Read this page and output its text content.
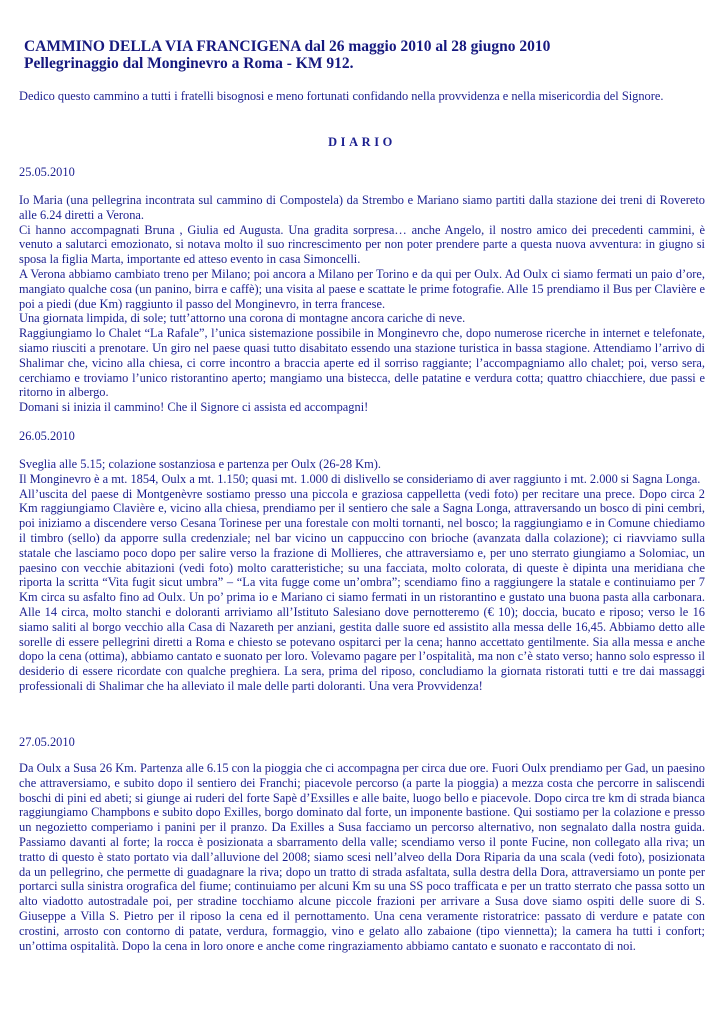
CAMMINO DELLA VIA FRANCIGENA dal 26 maggio 2010 al 28 giugno 2010
Pellegrinaggio dal Monginevro a Roma - KM 912.
Dedico questo cammino a tutti i fratelli bisognosi e meno fortunati confidando nella provvidenza e nella misericordia del Signore.
DIARIO
25.05.2010

Io Maria (una pellegrina incontrata sul cammino di Compostela) da Strembo e Mariano siamo partiti dalla stazione dei treni di Rovereto alle 6.24 diretti a Verona.

Ci hanno accompagnati Bruna , Giulia ed Augusta. Una gradita sorpresa… anche Angelo, il nostro amico dei precedenti cammini, è venuto a salutarci emozionato, si notava molto il suo rincrescimento per non poter prendere parte a questa nuova avventura: in giugno si sposa la figlia Marta, importante ed atteso evento in casa Simoncelli.

A Verona abbiamo cambiato treno per Milano; poi ancora a Milano per Torino e da qui per Oulx. Ad Oulx ci siamo fermati un paio d’ore, mangiato qualche cosa (un panino, birra e caffè); una visita al paese e scattate le prime fotografie. Alle 15 prendiamo il Bus per Clavière e poi a piedi (due Km) raggiunto il passo del Monginevro, in terra francese.

Una giornata limpida, di sole; tutt’attorno una corona di montagne ancora cariche di neve.

Raggiungiamo lo Chalet “La Rafale”, l’unica sistemazione possibile in Monginevro che, dopo numerose ricerche in internet e telefonate, siamo riusciti a prenotare. Un giro nel paese quasi tutto disabitato essendo una stazione turistica in bassa stagione. Attendiamo l’arrivo di Shalimar che, vicino alla chiesa, ci corre incontro a braccia aperte ed il sorriso raggiante; l’accompagniamo allo chalet; poi, verso sera, cerchiamo e troviamo l’unico ristorantino aperto; mangiamo una bistecca, delle patatine e verdura cotta; quattro chiacchiere, due passi e ritorno in albergo.

Domani si inizia il cammino! Che il Signore ci assista ed accompagni!

26.05.2010

Sveglia alle 5.15; colazione sostanziosa e partenza per Oulx (26-28 Km).

Il Monginevro è a mt. 1854, Oulx a mt. 1.150; quasi mt. 1.000 di dislivello se consideriamo di aver raggiunto i mt. 2.000 si Sagna Longa.

All’uscita del paese di Montgenèvre sostiamo presso una piccola e graziosa cappelletta (vedi foto) per recitare una prece. Dopo circa 2 Km raggiungiamo Clavière e, vicino alla chiesa, prendiamo per il sentiero che sale a Sagna Longa, attraversando un bosco di pini cembri, poi iniziamo a discendere verso Cesana Torinese per una forestale con molti tornanti, nel bosco; la raggiungiamo e in Comune chiediamo il timbro (sello) da apporre sulla credenziale; nel bar vicino un cappuccino con brioche (avanzata dalla colazione); ci riavviamo sulla statale che lasciamo poco dopo per salire verso la frazione di Mollieres, che attraversiamo e, per uno sterrato giungiamo a Solomiac, un paesino con vecchie abitazioni (vedi foto) molto caratteristiche; su una facciata, molto colorata, di queste è dipinta una meridiana che riporta la scritta “Vita fugit sicut umbra” – “La vita fugge come un’ombra”; scendiamo fino a raggiungere la statale e continuiamo per 7 Km circa su asfalto fino ad Oulx. Un po’ prima io e Mariano ci siamo fermati in un ristorantino e gustato una buona pasta alla carbonara. Alle 14 circa, molto stanchi e doloranti arriviamo all’Istituto Salesiano dove pernotteremo (€ 10); doccia, bucato e riposo; verso le 16 siamo saliti al borgo vecchio alla Casa di Nazareth per anziani, gestita dalle suore ed assistito alla messa delle 16,45. Abbiamo detto alle sorelle di essere pellegrini diretti a Roma e chiesto se potevano ospitarci per la cena; hanno accettato gentilmente. Sia alla messa e anche dopo la cena (ottima), abbiamo cantato e suonato per loro. Volevamo pagare per l’ospitalità, ma non c’è stato verso; hanno solo espresso il desiderio di essere ricordate con qualche preghiera. La sera, prima del riposo, concludiamo la giornata ristorati tutti e tre dai massaggi professionali di Shalimar che ha alleviato il male delle parti doloranti. Una vera Provvidenza!

27.05.2010

Da Oulx a Susa 26 Km. Partenza alle 6.15 con la pioggia che ci accompagna per circa due ore. Fuori Oulx prendiamo per Gad, un paesino che attraversiamo, e subito dopo il sentiero dei Franchi; piacevole percorso (a parte la pioggia) a mezza costa che percorre in saliscendi boschi di pini ed abeti; si giunge ai ruderi del forte Sapè d’Exsilles e alle baite, luogo bello e piacevole. Dopo circa tre km di strada bianca raggiungiamo Champbons e subito dopo Exilles, borgo dominato dal forte, un imponente bastione. Qui sostiamo per la colazione e presso un negozietto comperiamo i panini per il pranzo. Da Exilles a Susa facciamo un percorso alternativo, non segnalato dalla nostra guida. Passiamo davanti al forte; la rocca è posizionata a sbarramento della valle; scendiamo verso il ponte Fucine, non collegato alla riva; un tratto di questo è stato portato via dall’alluvione del 2008; siamo scesi nell’alveo della Dora Riparia da una scala (vedi foto), posizionata da un pellegrino, che permette di guadagnare la riva; dopo un tratto di strada asfaltata, sulla destra della Dora, attraversiamo un ponte per portarci sulla sinistra orografica del fiume; continuiamo per alcuni Km su una SS poco trafficata e per un tratto sterrato che passa sotto un alto viadotto autostradale poi, per stradine tocchiamo alcune piccole frazioni per arrivare a Susa dove siamo ospiti delle suore di S. Giuseppe a Villa S. Pietro per il riposo la cena ed il pernottamento. Una cena veramente ristoratrice: passato di verdure e patate con crostini, arrosto con contorno di patate, verdura, formaggio, vino e gelato allo zabaione (tipo viennetta); la camera ha tutti i confort; un’ottima ospitalità. Dopo la cena in loro onore e anche come ringraziamento abbiamo cantato e suonato e raccontato di noi.
